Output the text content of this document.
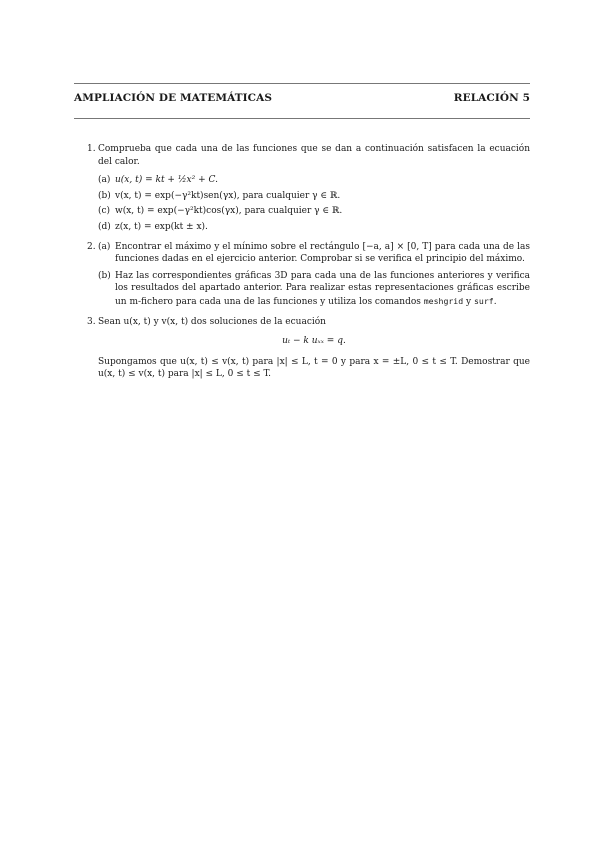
AMPLIACIÓN DE MATEMÁTICAS	RELACIÓN 5
1. Comprueba que cada una de las funciones que se dan a continuación satisfacen la ecuación del calor.
(a) u(x, t) = kt + ½x² + C.
(b) v(x, t) = exp(−γ²kt)sen(γx), para cualquier γ ∈ ℝ.
(c) w(x, t) = exp(−γ²kt)cos(γx), para cualquier γ ∈ ℝ.
(d) z(x, t) = exp(kt ± x).
2. (a) Encontrar el máximo y el mínimo sobre el rectángulo [−a, a] × [0, T] para cada una de las funciones dadas en el ejercicio anterior. Comprobar si se verifica el principio del máximo.
(b) Haz las correspondientes gráficas 3D para cada una de las funciones anteriores y verifica los resultados del apartado anterior. Para realizar estas representaciones gráficas escribe un m-fichero para cada una de las funciones y utiliza los comandos meshgrid y surf.
3. Sean u(x, t) y v(x, t) dos soluciones de la ecuación
uₜ − k uₓₓ = q.
Supongamos que u(x, t) ≤ v(x, t) para |x| ≤ L, t = 0 y para x = ±L, 0 ≤ t ≤ T. Demostrar que u(x, t) ≤ v(x, t) para |x| ≤ L, 0 ≤ t ≤ T.
